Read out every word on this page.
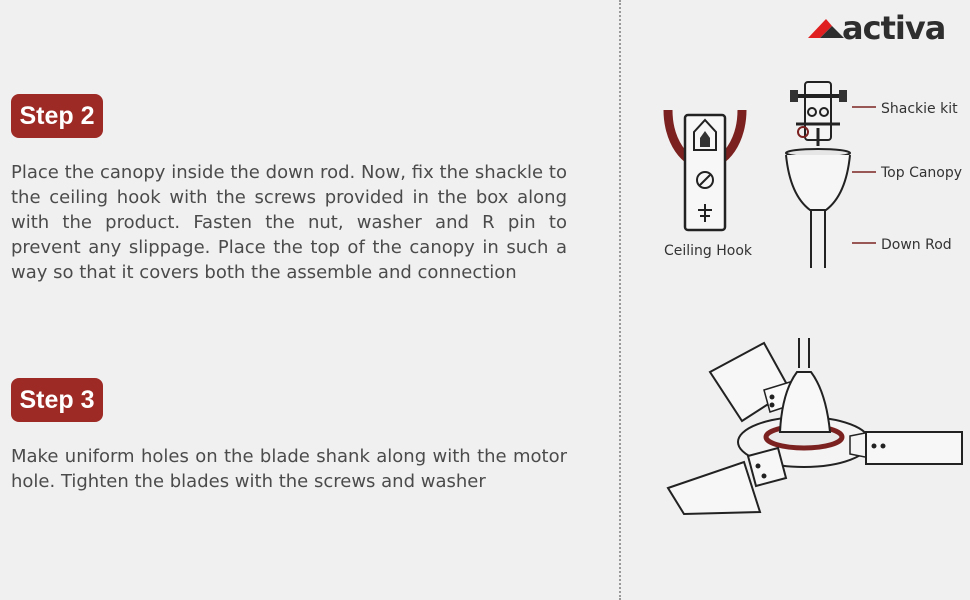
Step 2

Place the canopy inside the down rod. Now, fix the shackle to the ceiling hook with the screws provided in the box along with the product. Fasten the nut, washer and R pin to prevent any slippage. Place the top of the canopy in such a way so that it covers both the assemble and connection

Step 3

Make uniform holes on the blade shank along with the motor hole. Tighten the blades with the screws and washer

activa
Ceiling Hook
Shackie kit
Top Canopy
Down Rod
